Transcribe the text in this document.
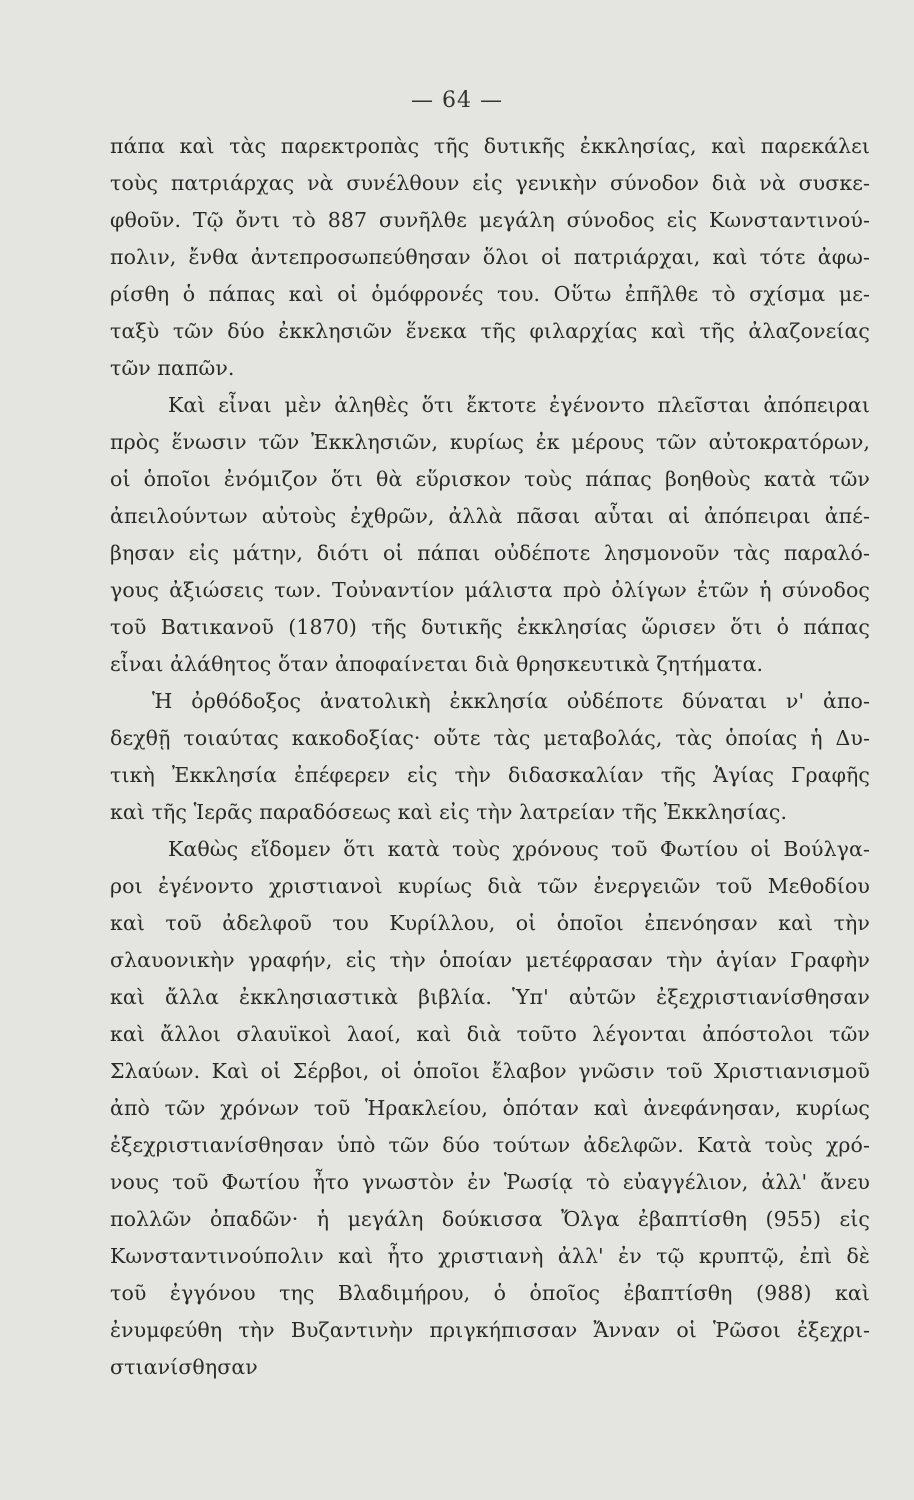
— 64 —
πάπα καὶ τὰς παρεκτροπὰς τῆς δυτικῆς ἐκκλησίας, καὶ παρεκάλει
τοὺς πατριάρχας νὰ συνέλθουν εἰς γενικὴν σύνοδον διὰ νὰ συσκε-
φθοῦν. Τῷ ὄντι τὸ 887 συνῆλθε μεγάλη σύνοδος εἰς Κωνσταντινού-
πολιν, ἔνθα ἀντεπροσωπεύθησαν ὅλοι οἱ πατριάρχαι, καὶ τότε ἀφω-
ρίσθη ὁ πάπας καὶ οἱ ὁμόφρονές του. Οὕτω ἐπῆλθε τὸ σχίσμα με-
ταξὺ τῶν δύο ἐκκλησιῶν ἕνεκα τῆς φιλαρχίας καὶ τῆς ἀλαζονείας
τῶν παπῶν.
Καὶ εἶναι μὲν ἀληθὲς ὅτι ἔκτοτε ἐγένοντο πλεῖσται ἀπόπειραι
πρὸς ἕνωσιν τῶν Ἐκκλησιῶν, κυρίως ἐκ μέρους τῶν αὐτοκρατόρων,
οἱ ὁποῖοι ἐνόμιζον ὅτι θὰ εὕρισκον τοὺς πάπας βοηθοὺς κατὰ τῶν
ἀπειλούντων αὐτοὺς ἐχθρῶν, ἀλλὰ πᾶσαι αὗται αἱ ἀπόπειραι ἀπέ-
βησαν εἰς μάτην, διότι οἱ πάπαι οὐδέποτε λησμονοῦν τὰς παραλό-
γους ἀξιώσεις των. Τοὐναντίον μάλιστα πρὸ ὀλίγων ἐτῶν ἡ σύνοδος
τοῦ Βατικανοῦ (1870) τῆς δυτικῆς ἐκκλησίας ὥρισεν ὅτι ὁ πάπας
εἶναι ἀλάθητος ὅταν ἀποφαίνεται διὰ θρησκευτικὰ ζητήματα.
Ἡ ὀρθόδοξος ἀνατολικὴ ἐκκλησία οὐδέποτε δύναται ν' ἀπο-
δεχθῇ τοιαύτας κακοδοξίας· οὔτε τὰς μεταβολάς, τὰς ὁποίας ἡ Δυ-
τικὴ Ἐκκλησία ἐπέφερεν εἰς τὴν διδασκαλίαν τῆς Ἁγίας Γραφῆς
καὶ τῆς Ἱερᾶς παραδόσεως καὶ εἰς τὴν λατρείαν τῆς Ἐκκλησίας.
Καθὼς εἴδομεν ὅτι κατὰ τοὺς χρόνους τοῦ Φωτίου οἱ Βούλγα-
ροι ἐγένοντο χριστιανοὶ κυρίως διὰ τῶν ἐνεργειῶν τοῦ Μεθοδίου
καὶ τοῦ ἀδελφοῦ του Κυρίλλου, οἱ ὁποῖοι ἐπενόησαν καὶ τὴν
σλαυονικὴν γραφήν, εἰς τὴν ὁποίαν μετέφρασαν τὴν ἁγίαν Γραφὴν
καὶ ἄλλα ἐκκλησιαστικὰ βιβλία. Ὑπ' αὐτῶν ἐξεχριστιανίσθησαν
καὶ ἄλλοι σλαυϊκοὶ λαοί, καὶ διὰ τοῦτο λέγονται ἀπόστολοι τῶν
Σλαύων. Καὶ οἱ Σέρβοι, οἱ ὁποῖοι ἔλαβον γνῶσιν τοῦ Χριστιανισμοῦ
ἀπὸ τῶν χρόνων τοῦ Ἡρακλείου, ὁπόταν καὶ ἀνεφάνησαν, κυρίως
ἐξεχριστιανίσθησαν ὑπὸ τῶν δύο τούτων ἀδελφῶν. Κατὰ τοὺς χρό-
νους τοῦ Φωτίου ἦτο γνωστὸν ἐν Ῥωσίᾳ τὸ εὐαγγέλιον, ἀλλ' ἄνευ
πολλῶν ὀπαδῶν· ἡ μεγάλη δούκισσα Ὄλγα ἐβαπτίσθη (955) εἰς
Κωνσταντινούπολιν καὶ ἦτο χριστιανὴ ἀλλ' ἐν τῷ κρυπτῷ, ἐπὶ δὲ
τοῦ ἐγγόνου της Βλαδιμήρου, ὁ ὁποῖος ἐβαπτίσθη (988) καὶ
ἐνυμφεύθη τὴν Βυζαντινὴν πριγκήπισσαν Ἄνναν οἱ Ῥῶσοι ἐξεχρι-
στιανίσθησαν
